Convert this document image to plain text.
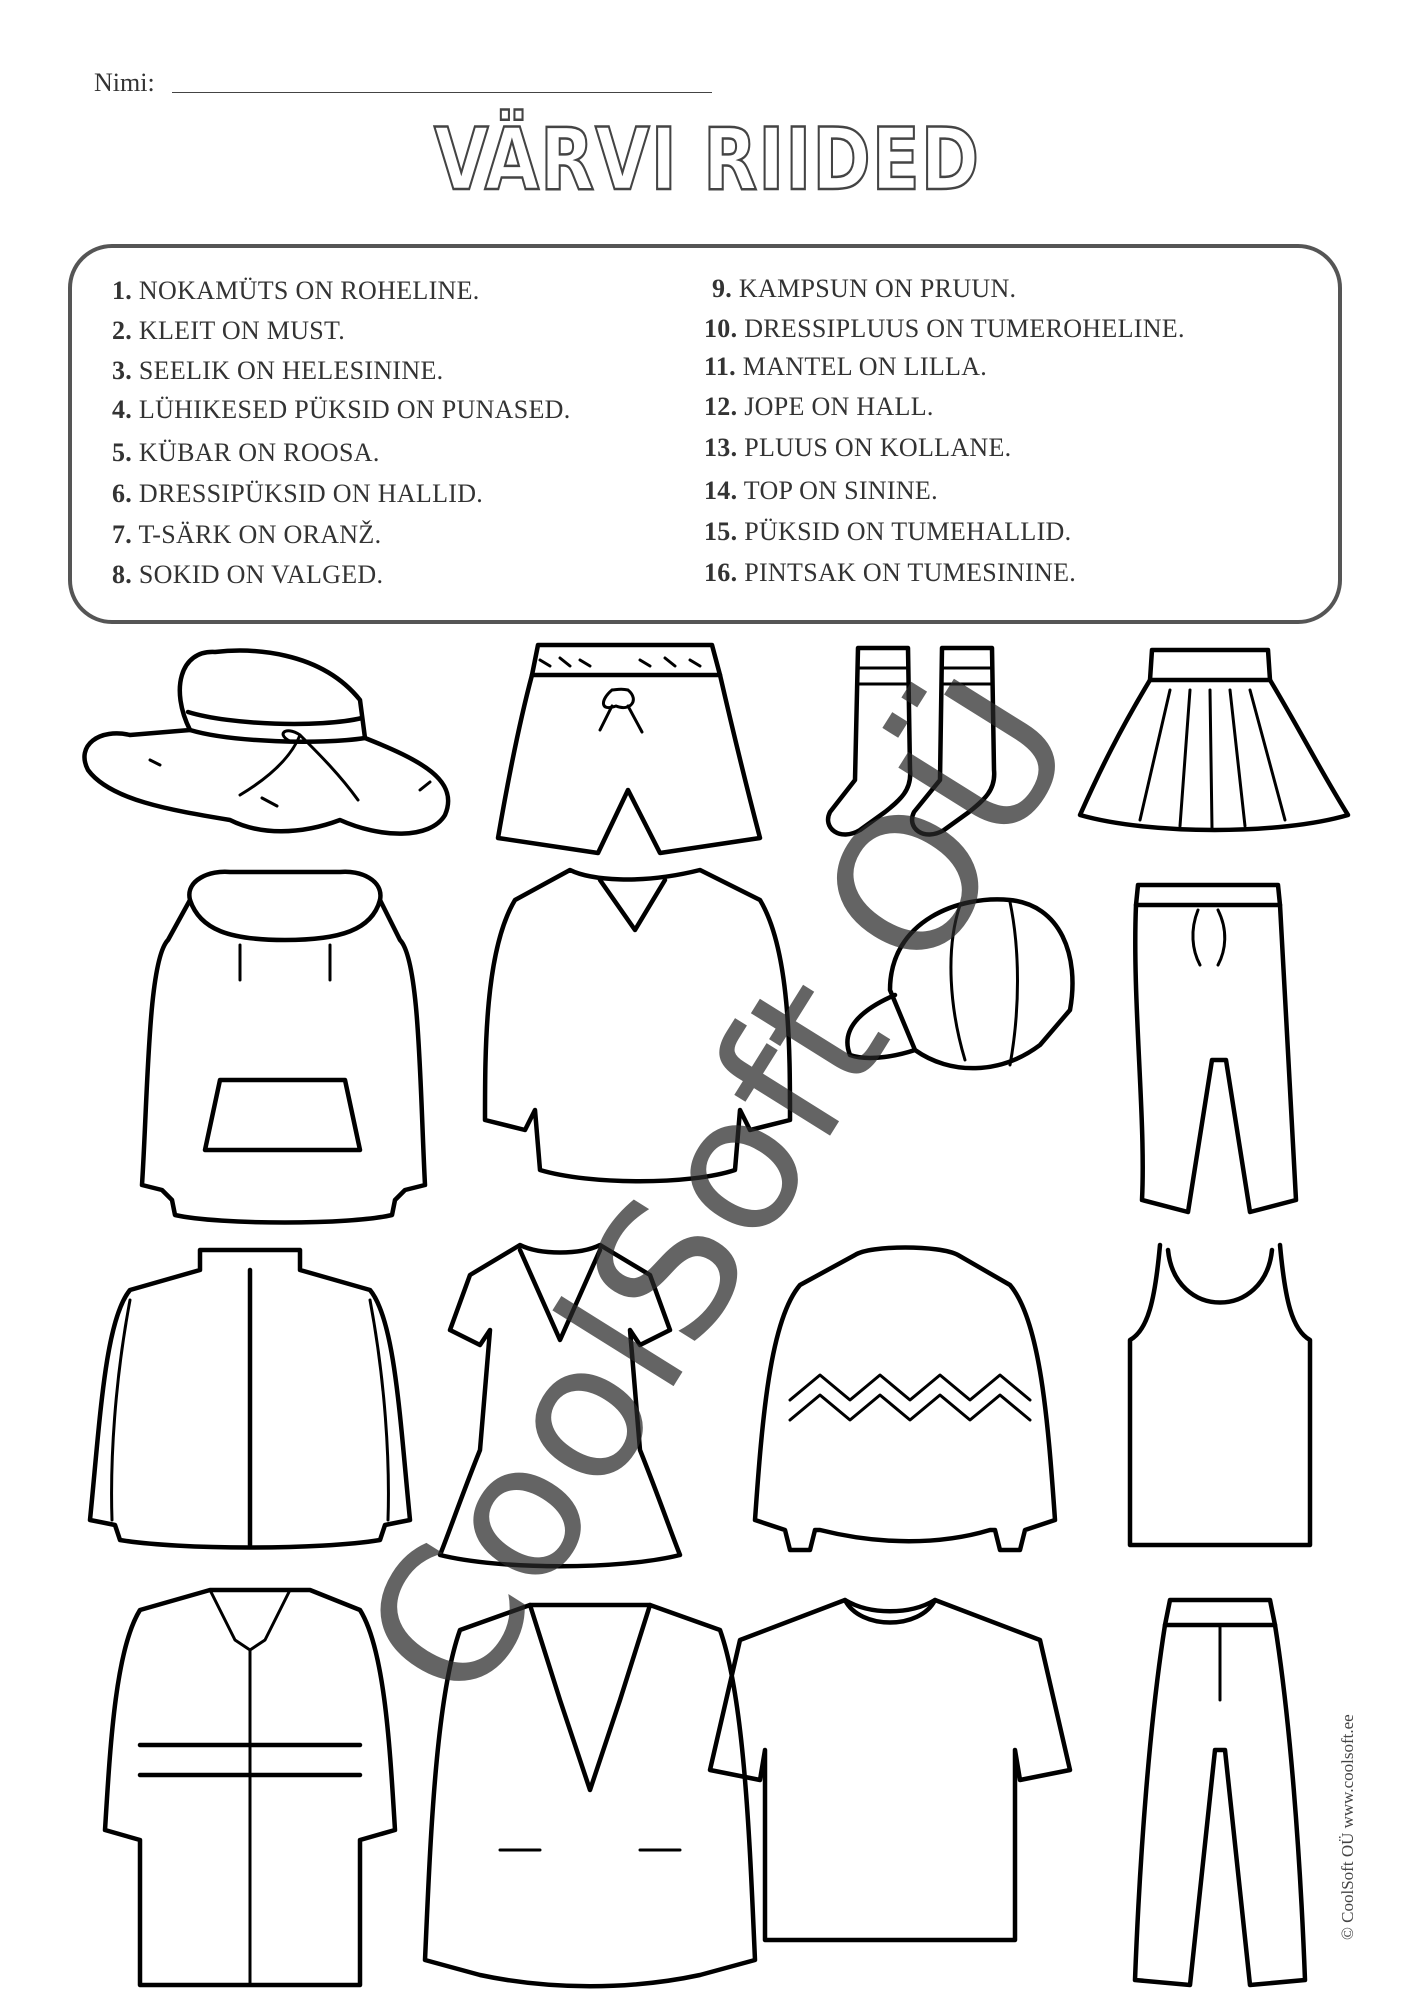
Nimi:
VÄRVI RIIDED
1. NOKAMÜTS ON ROHELINE.
2. KLEIT ON MUST.
3. SEELIK ON HELESININE.
4. LÜHIKESED PÜKSID ON PUNASED.
5. KÜBAR ON ROOSA.
6. DRESSIPÜKSID ON HALLID.
7. T-SÄRK ON ORANŽ.
8. SOKID ON VALGED.
9. KAMPSUN ON PRUUN.
10. DRESSIPLUUS ON TUMEROHELINE.
11. MANTEL ON LILLA.
12. JOPE ON HALL.
13. PLUUS ON KOLLANE.
14. TOP ON SININE.
15. PÜKSID ON TUMEHALLID.
16. PINTSAK ON TUMESININE.
CoolSoft OÜ
© CoolSoft OÜ www.coolsoft.ee
